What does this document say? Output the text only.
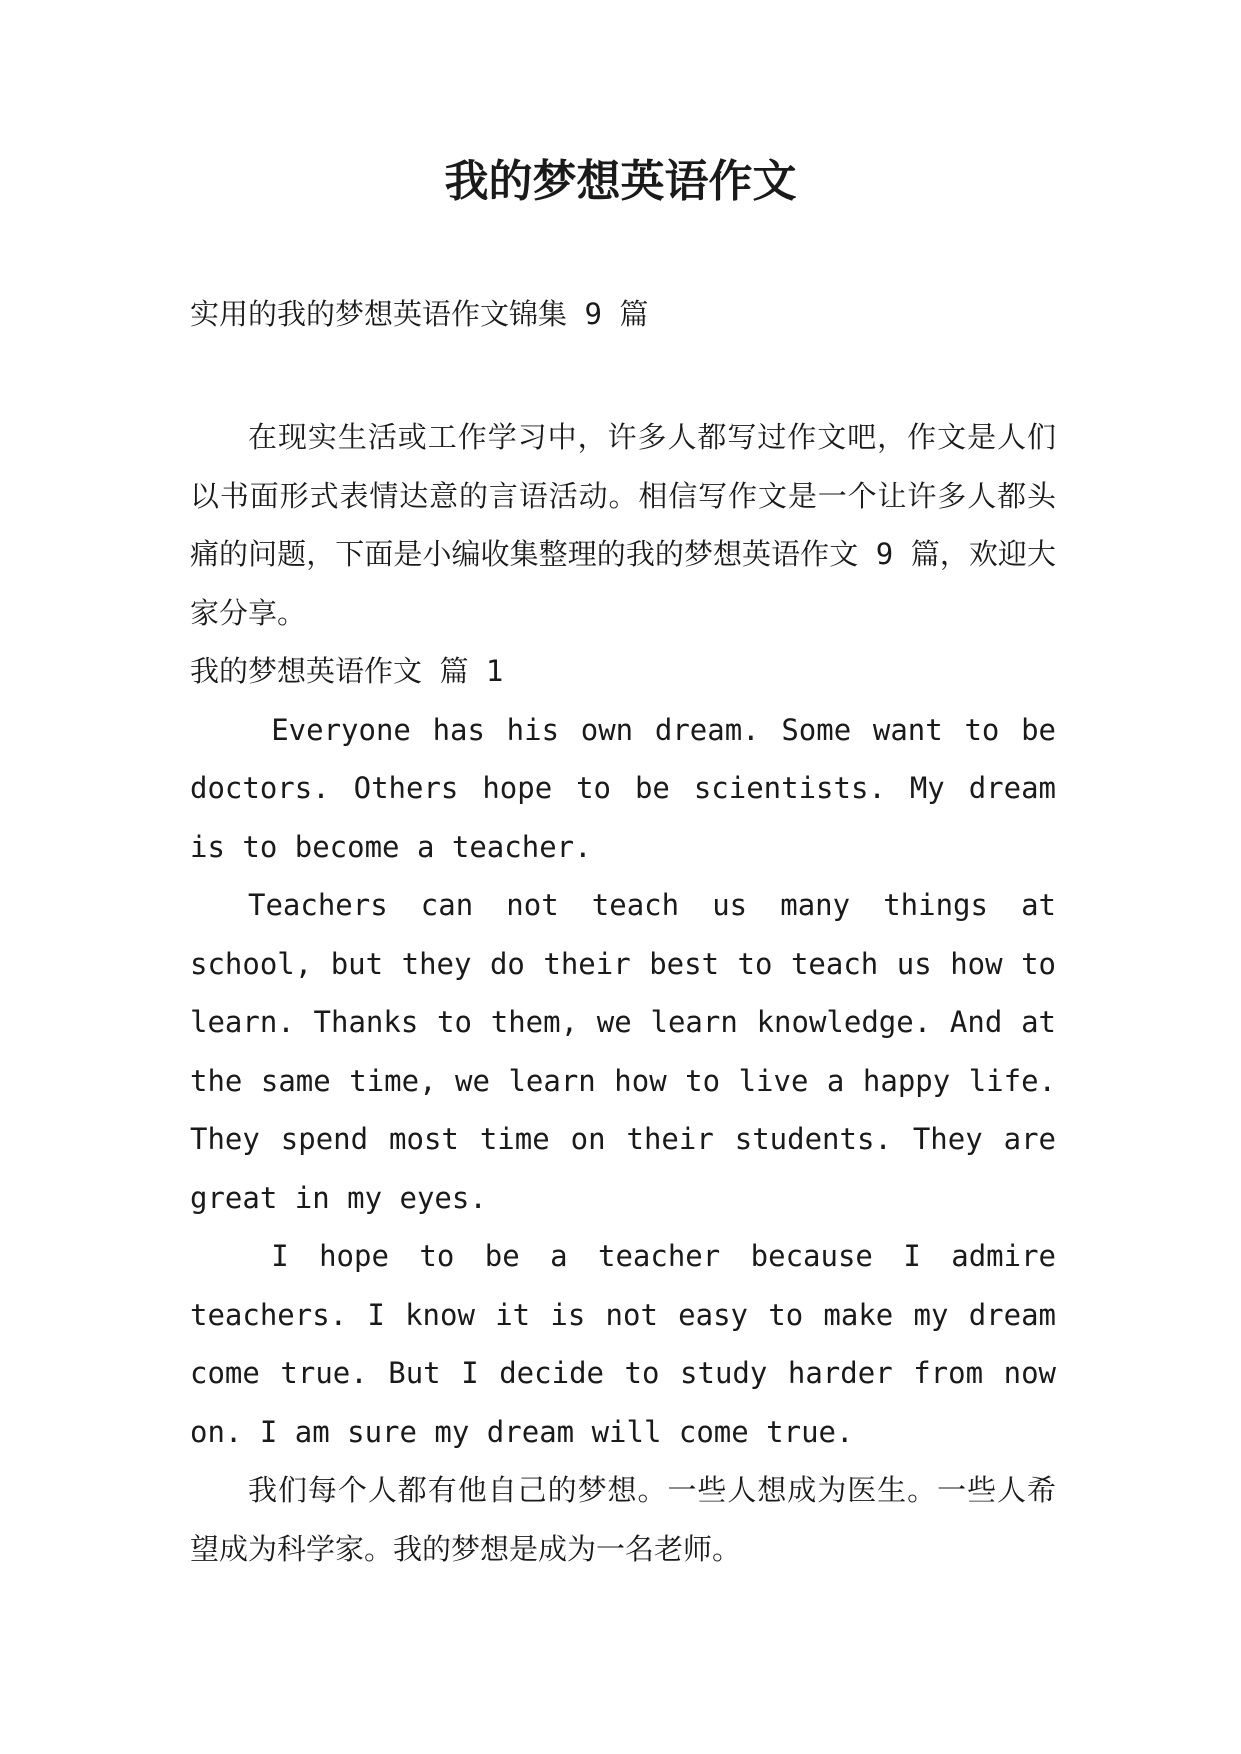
我的梦想英语作文
实用的我的梦想英语作文锦集 9 篇

在现实生活或工作学习中，许多人都写过作文吧，作文是人们以书面形式表情达意的言语活动。相信写作文是一个让许多人都头痛的问题，下面是小编收集整理的我的梦想英语作文 9 篇，欢迎大家分享。

我的梦想英语作文 篇 1

Everyone has his own dream. Some want to be doctors. Others hope to be scientists. My dream is to become a teacher.

Teachers can not teach us many things at school, but they do their best to teach us how to learn. Thanks to them, we learn knowledge. And at the same time, we learn how to live a happy life. They spend most time on their students. They are great in my eyes.

I hope to be a teacher because I admire teachers. I know it is not easy to make my dream come true. But I decide to study harder from now on. I am sure my dream will come true.

我们每个人都有他自己的梦想。一些人想成为医生。一些人希望成为科学家。我的梦想是成为一名老师。
